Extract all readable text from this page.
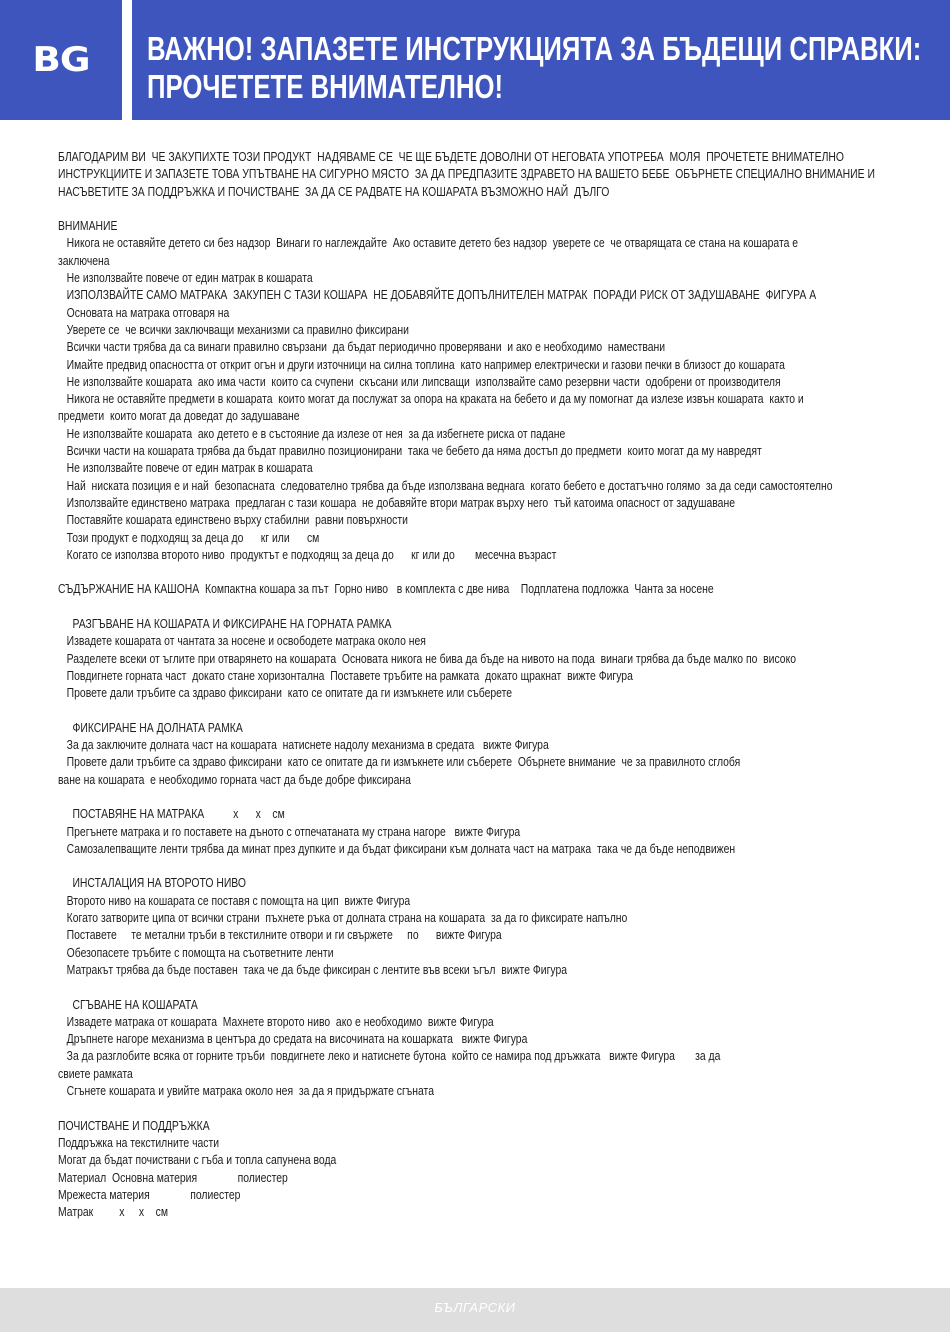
BG ВАЖНО! ЗАПАЗЕТЕ ИНСТРУКЦИЯТА ЗА БЪДЕЩИ СПРАВКИ:
ПРОЧЕТЕТЕ ВНИМАТЕЛНО!
БЛАГОДАРИМ ВИ  ЧЕ ЗАКУПИХТЕ ТОЗИ ПРОДУКТ  НАДЯВАМЕ СЕ  ЧЕ ЩЕ БЪДЕТЕ ДОВОЛНИ ОТ НЕГОВАТА УПОТРЕБА  МОЛЯ  ПРОЧЕТЕТЕ ВНИМАТЕЛНО
ИНСТРУКЦИИТЕ И ЗАПАЗЕТЕ ТОВА УПЪТВАНЕ НА СИГУРНО МЯСТО  ЗА ДА ПРЕДПАЗИТЕ ЗДРАВЕТО НА ВАШЕТО БЕБЕ  ОБЪРНЕТЕ СПЕЦИАЛНО ВНИМАНИЕ И
НАСЪВЕТИТЕ ЗА ПОДДРЪЖКА И ПОЧИСТВАНЕ  ЗА ДА СЕ РАДВАТЕ НА КОШАРАТА ВЪЗМОЖНО НАЙ  ДЪЛГО
ВНИМАНИЕ
Никога не оставяйте детето си без надзор  Винаги го наглеждайте  Ако оставите детето без надзор  уверете се  че отварящата се стана на кошарата е
заключена
Не използвайте повече от един матрак в кошарата
ИЗПОЛЗВАЙТЕ САМО МАТРАКА  ЗАКУПЕН С ТАЗИ КОШАРА  НЕ ДОБАВЯЙТЕ ДОПЪЛНИТЕЛЕН МАТРАК  ПОРАДИ РИСК ОТ ЗАДУШАВАНЕ  ФИГУРА А
Основата на матрака отговаря на
Уверете се  че всички заключващи механизми са правилно фиксирани
Всички части трябва да са винаги правилно свързани  да бъдат периодично проверявани  и ако е необходимо  намествани
Имайте предвид опасността от открит огън и други източници на силна топлина  като например електрически и газови печки в близост до кошарата
Не използвайте кошарата  ако има части  които са счупени  скъсани или липсващи  използвайте само резервни части  одобрени от производителя
Никога не оставяйте предмети в кошарата  които могат да послужат за опора на краката на бебето и да му помогнат да излезе извън кошарата  както и
предмети  които могат да доведат до задушаване
Не използвайте кошарата  ако детето е в състояние да излезе от нея  за да избегнете риска от падане
Всички части на кошарата трябва да бъдат правилно позиционирани  така че бебето да няма достъп до предмети  които могат да му навредят
Не използвайте повече от един матрак в кошарата
Най  ниската позиция е и най  безопасната  следователно трябва да бъде използвана веднага  когато бебето е достатъчно голямо  за да седи самостоятелно
Използвайте единствено матрака  предлаган с тази кошара  не добавяйте втори матрак върху него  тъй катоима опасност от задушаване
Поставяйте кошарата единствено върху стабилни  равни повърхности
Този продукт е подходящ за деца до      кг или      см
Когато се използва второто ниво  продуктът е подходящ за деца до      кг или до       месечна възраст
СЪДЪРЖАНИЕ НА КАШОНА  Компактна кошара за път  Горно ниво   в комплекта с две нива    Подплатена подложка  Чанта за носене
РАЗГЪВАНЕ НА КОШАРАТА И ФИКСИРАНЕ НА ГОРНАТА РАМКА
Извадете кошарата от чантата за носене и освободете матрака около нея
Разделете всеки от ъглите при отварянето на кошарата  Основата никога не бива да бъде на нивото на пода  винаги трябва да бъде малко по  високо
Повдигнете горната част  докато стане хоризонтална  Поставете тръбите на рамката  докато щракнат  вижте Фигура
Провете дали тръбите са здраво фиксирани  като се опитате да ги измъкнете или съберете
ФИКСИРАНЕ НА ДОЛНАТА РАМКА
За да заключите долната част на кошарата  натиснете надолу механизма в средата   вижте Фигура
Провете дали тръбите са здраво фиксирани  като се опитате да ги измъкнете или съберете  Обърнете внимание  че за правилното сглобя
ване на кошарата  е необходимо горната част да бъде добре фиксирана
ПОСТАВЯНЕ НА МАТРАКА          х      х    см
Прегънете матрака и го поставете на дъното с отпечатаната му страна нагоре   вижте Фигура
Самозалепващите ленти трябва да минат през дупките и да бъдат фиксирани към долната част на матрака  така че да бъде неподвижен
ИНСТАЛАЦИЯ НА ВТОРОТО НИВО
Второто ниво на кошарата се поставя с помощта на цип  вижте Фигура
Когато затворите ципа от всички страни  пъхнете ръка от долната страна на кошарата  за да го фиксирате напълно
Поставете     те метални тръби в текстилните отвори и ги свържете     по      вижте Фигура
Обезопасете тръбите с помощта на съответните ленти
Матракът трябва да бъде поставен  така че да бъде фиксиран с лентите във всеки ъгъл  вижте Фигура
СГЪВАНЕ НА КОШАРАТА
Извадете матрака от кошарата  Махнете второто ниво  ако е необходимо  вижте Фигура
Дръпнете нагоре механизма в центъра до средата на височината на кошарката   вижте Фигура
За да разглобите всяка от горните тръби  повдигнете леко и натиснете бутона  който се намира под дръжката   вижте Фигура       за да
свиете рамката
Сгънете кошарата и увийте матрака около нея  за да я придържате сгъната
ПОЧИСТВАНЕ И ПОДДРЪЖКА
Поддръжка на текстилните части
Могат да бъдат почиствани с гъба и топла сапунена вода
Материал  Основна материя              полиестер
Мрежеста материя              полиестер
Матрак         х     х    см
БЪЛГАРСКИ
